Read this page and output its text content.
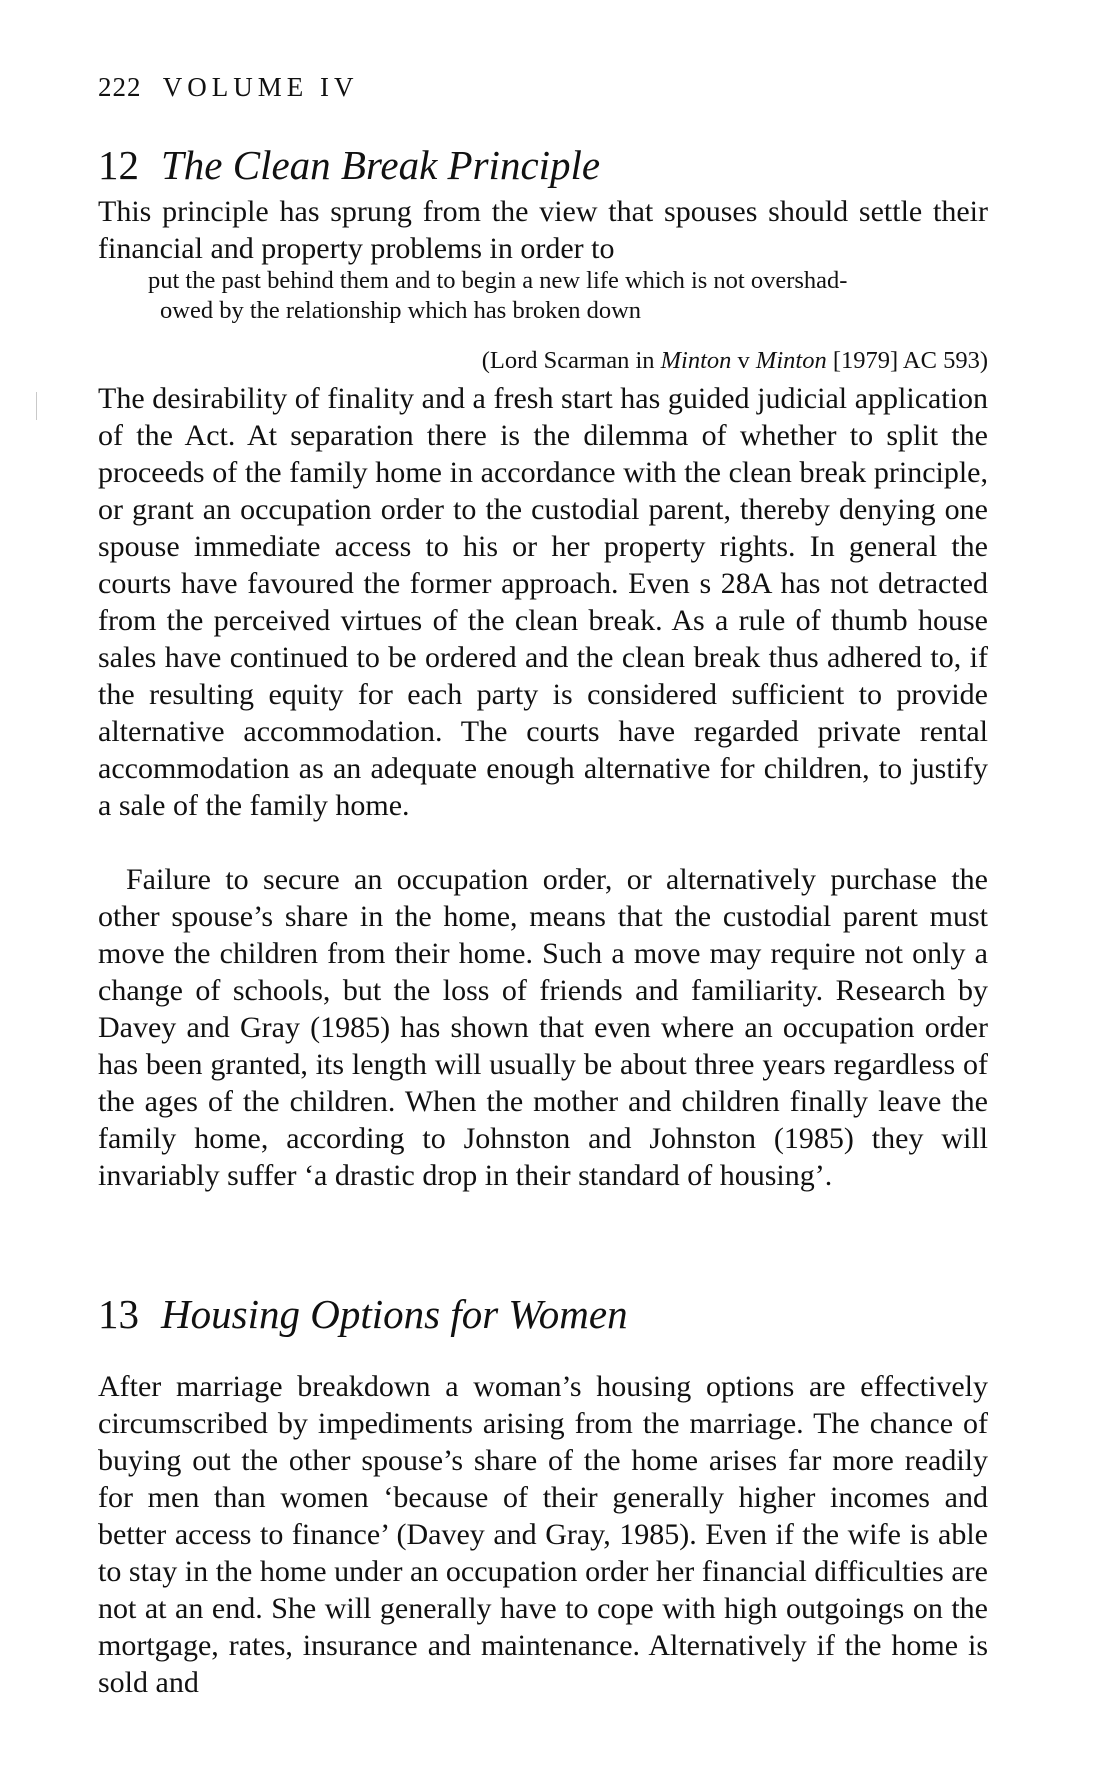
222 VOLUME IV
12 The Clean Break Principle

This principle has sprung from the view that spouses should settle their financial and property problems in order to

put the past behind them and to begin a new life which is not overshad-
owed by the relationship which has broken down
(Lord Scarman in Minton v Minton [1979] AC 593)

The desirability of finality and a fresh start has guided judicial application of the Act. At separation there is the dilemma of whether to split the proceeds of the family home in accordance with the clean break principle, or grant an occupation order to the custodial parent, thereby denying one spouse immediate access to his or her property rights. In general the courts have favoured the former approach. Even s 28A has not detracted from the perceived virtues of the clean break. As a rule of thumb house sales have continued to be ordered and the clean break thus adhered to, if the resulting equity for each party is considered sufficient to provide alternative accommodation. The courts have regarded private rental accommodation as an adequate enough alternative for children, to justify a sale of the family home.

Failure to secure an occupation order, or alternatively purchase the other spouse’s share in the home, means that the custodial parent must move the children from their home. Such a move may require not only a change of schools, but the loss of friends and familiarity. Research by Davey and Gray (1985) has shown that even where an occupation order has been granted, its length will usually be about three years regardless of the ages of the children. When the mother and children finally leave the family home, according to Johnston and Johnston (1985) they will invariably suffer ‘a drastic drop in their standard of housing’.

13 Housing Options for Women

After marriage breakdown a woman’s housing options are effectively circumscribed by impediments arising from the marriage. The chance of buying out the other spouse’s share of the home arises far more readily for men than women ‘because of their generally higher incomes and better access to finance’ (Davey and Gray, 1985). Even if the wife is able to stay in the home under an occupation order her financial difficulties are not at an end. She will generally have to cope with high outgoings on the mortgage, rates, insurance and maintenance. Alternatively if the home is sold and
